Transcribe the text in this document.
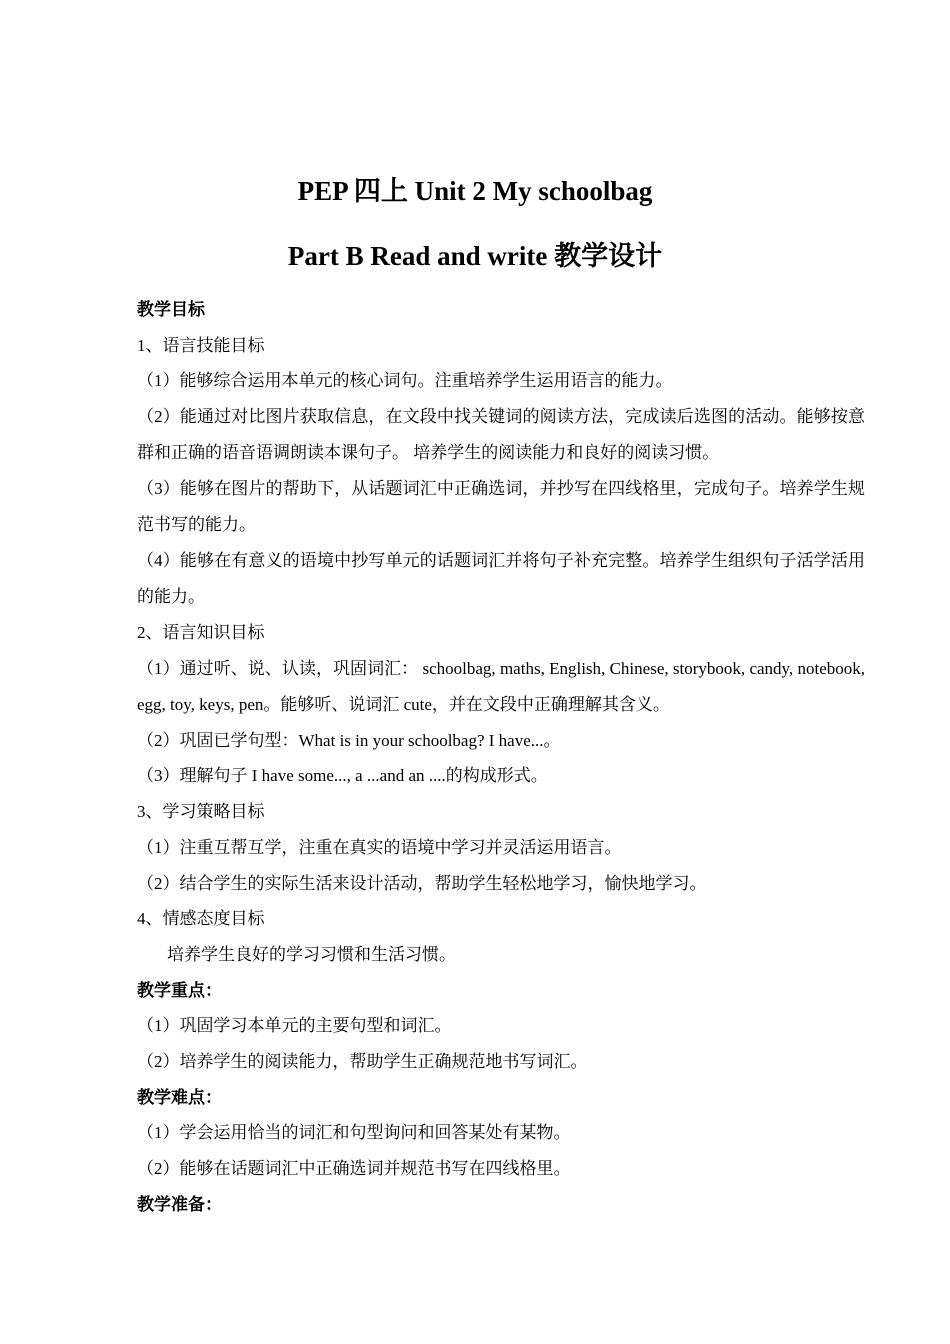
PEP 四上 Unit 2 My schoolbag
Part B Read and write 教学设计
教学目标
1、语言技能目标
（1）能够综合运用本单元的核心词句。注重培养学生运用语言的能力。
（2）能通过对比图片获取信息，在文段中找关键词的阅读方法，完成读后选图的活动。能够按意群和正确的语音语调朗读本课句子。 培养学生的阅读能力和良好的阅读习惯。
（3）能够在图片的帮助下，从话题词汇中正确选词，并抄写在四线格里，完成句子。培养学生规范书写的能力。
（4）能够在有意义的语境中抄写单元的话题词汇并将句子补充完整。培养学生组织句子活学活用的能力。
2、语言知识目标
（1）通过听、说、认读，巩固词汇： schoolbag, maths, English, Chinese, storybook, candy, notebook, egg, toy, keys, pen。能够听、说词汇 cute，并在文段中正确理解其含义。
（2）巩固已学句型：What is in your schoolbag? I have...。
（3）理解句子 I have some..., a ...and an ....的构成形式。
3、学习策略目标
（1）注重互帮互学，注重在真实的语境中学习并灵活运用语言。
（2）结合学生的实际生活来设计活动，帮助学生轻松地学习，愉快地学习。
4、情感态度目标
培养学生良好的学习习惯和生活习惯。
教学重点：
（1）巩固学习本单元的主要句型和词汇。
（2）培养学生的阅读能力，帮助学生正确规范地书写词汇。
教学难点：
（1）学会运用恰当的词汇和句型询问和回答某处有某物。
（2）能够在话题词汇中正确选词并规范书写在四线格里。
教学准备：
